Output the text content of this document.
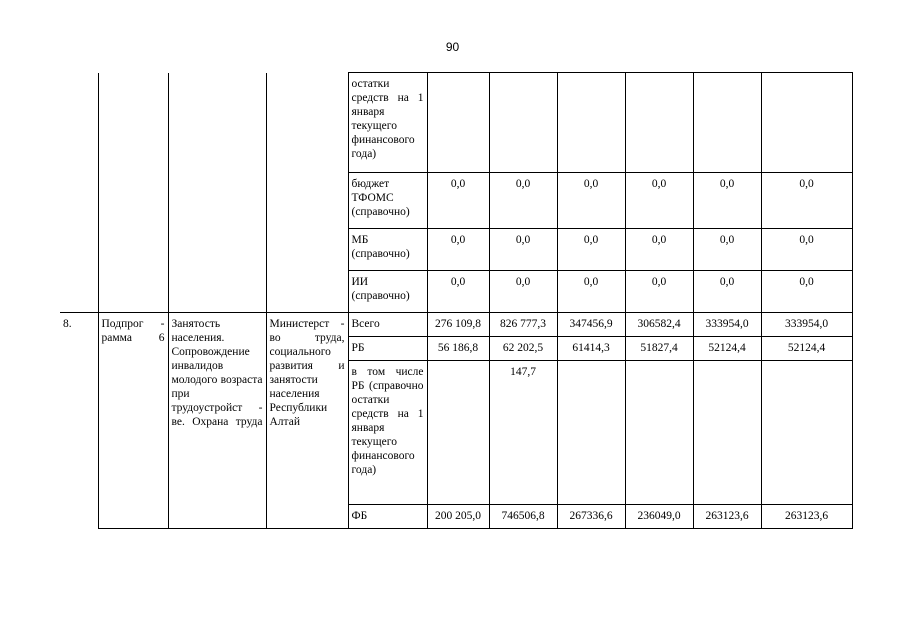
90
				остатки средств на 1 января текущего финансового года)						
				бюджет ТФОМС (справочно)	0,0	0,0	0,0	0,0	0,0	0,0
				МБ (справочно)	0,0	0,0	0,0	0,0	0,0	0,0
				ИИ (справочно)	0,0	0,0	0,0	0,0	0,0	0,0
8.	Подпрог - рамма 6	Занятость населения. Сопровождение инвалидов молодого возраста при трудоустройст - ве. Охрана труда	Министерст - во труда, социального развития и занятости населения Республики Алтай	Всего	276 109,8	826 777,3	347456,9	306582,4	333954,0	333954,0
				РБ	56 186,8	62 202,5	61414,3	51827,4	52124,4	52124,4
				в том числе РБ (справочно остатки средств на 1 января текущего финансового года)		147,7				
				ФБ	200 205,0	746506,8	267336,6	236049,0	263123,6	263123,6
